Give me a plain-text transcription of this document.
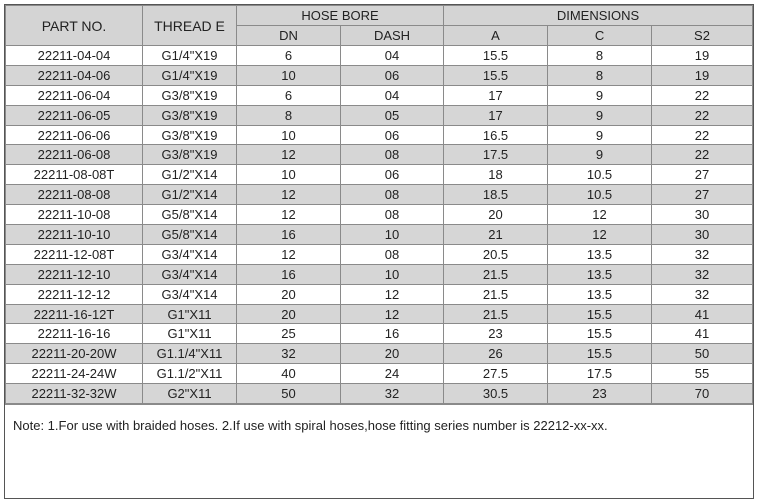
PART NO.	THREAD E	HOSE BORE		DIMENSIONS		
		DN	DASH	A	C	S2
22211-04-04	G1/4"X19	6	04	15.5	8	19
22211-04-06	G1/4"X19	10	06	15.5	8	19
22211-06-04	G3/8"X19	6	04	17	9	22
22211-06-05	G3/8"X19	8	05	17	9	22
22211-06-06	G3/8"X19	10	06	16.5	9	22
22211-06-08	G3/8"X19	12	08	17.5	9	22
22211-08-08T	G1/2"X14	10	06	18	10.5	27
22211-08-08	G1/2"X14	12	08	18.5	10.5	27
22211-10-08	G5/8"X14	12	08	20	12	30
22211-10-10	G5/8"X14	16	10	21	12	30
22211-12-08T	G3/4"X14	12	08	20.5	13.5	32
22211-12-10	G3/4"X14	16	10	21.5	13.5	32
22211-12-12	G3/4"X14	20	12	21.5	13.5	32
22211-16-12T	G1"X11	20	12	21.5	15.5	41
22211-16-16	G1"X11	25	16	23	15.5	41
22211-20-20W	G1.1/4"X11	32	20	26	15.5	50
22211-24-24W	G1.1/2"X11	40	24	27.5	17.5	55
22211-32-32W	G2"X11	50	32	30.5	23	70
Note: 1.For use with braided hoses. 2.If use with spiral hoses,hose fitting series number is 22212-xx-xx.
